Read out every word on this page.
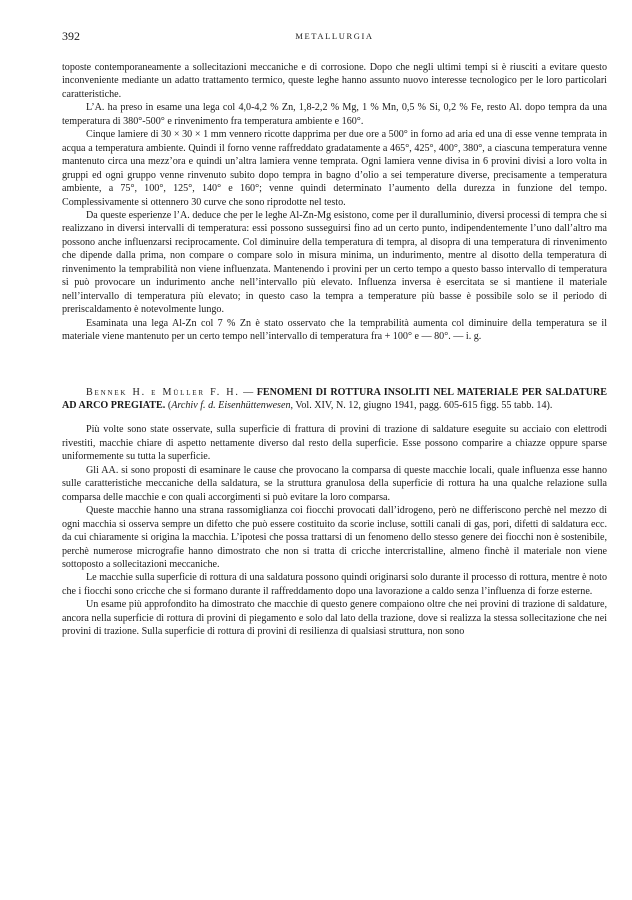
392	METALLURGIA

toposte contemporaneamente a sollecitazioni meccaniche e di corrosione. Dopo che negli ultimi tempi si è riusciti a evitare questo inconveniente mediante un adatto trattamento termico, queste leghe hanno assunto nuovo interesse tecnologico per le loro particolari caratteristiche.

L’A. ha preso in esame una lega col 4,0-4,2 % Zn, 1,8-2,2 % Mg, 1 % Mn, 0,5 % Si, 0,2 % Fe, resto Al. dopo tempra da una temperatura di 380°-500° e rinvenimento fra temperatura ambiente e 160°.

Cinque lamiere di 30 × 30 × 1 mm vennero ricotte dapprima per due ore a 500° in forno ad aria ed una di esse venne temprata in acqua a temperatura ambiente. Quindi il forno venne raffreddato gradatamente a 465°, 425°, 400°, 380°, a ciascuna temperatura venne mantenuto circa una mezz’ora e quindi un’altra lamiera venne temprata. Ogni lamiera venne divisa in 6 provini divisi a loro volta in gruppi ed ogni gruppo venne rinvenuto subito dopo tempra in bagno d’olio a sei temperature diverse, precisamente a temperatura ambiente, a 75°, 100°, 125°, 140° e 160°; venne quindi determinato l’aumento della durezza in funzione del tempo. Complessivamente si ottennero 30 curve che sono riprodotte nel testo.

Da queste esperienze l’A. deduce che per le leghe Al-Zn-Mg esistono, come per il duralluminio, diversi processi di tempra che si realizzano in diversi intervalli di temperatura: essi possono susseguirsi fino ad un certo punto, indipendentemente l’uno dall’altro ma possono anche influenzarsi reciprocamente. Col diminuire della temperatura di tempra, al disopra di una temperatura di rinvenimento che dipende dalla prima, non compare o compare solo in misura minima, un indurimento, mentre al disotto della temperatura di rinvenimento la temprabilità non viene influenzata. Mantenendo i provini per un certo tempo a questo basso intervallo di temperatura si può provocare un indurimento anche nell’intervallo più elevato. Influenza inversa è esercitata se si mantiene il materiale nell’intervallo di temperatura più elevato; in questo caso la tempra a temperature più basse è possibile solo se il periodo di preriscaldamento è notevolmente lungo.

Esaminata una lega Al-Zn col 7 % Zn è stato osservato che la temprabilità aumenta col diminuire della temperatura se il materiale viene mantenuto per un certo tempo nell’intervallo di temperatura fra + 100° e — 80°. — i. g.

Bennek H. e Müller F. H. — FENOMENI DI ROTTURA INSOLITI NEL MATERIALE PER SALDATURE AD ARCO PREGIATE. (Archiv f. d. Eisenhüttenwesen, Vol. XIV, N. 12, giugno 1941, pagg. 605-615 figg. 55 tabb. 14).

Più volte sono state osservate, sulla superficie di frattura di provini di trazione di saldature eseguite su acciaio con elettrodi rivestiti, macchie chiare di aspetto nettamente diverso dal resto della superficie. Esse possono comparire a chiazze oppure sparse uniformemente su tutta la superficie.

Gli AA. si sono proposti di esaminare le cause che provocano la comparsa di queste macchie locali, quale influenza esse hanno sulle caratteristiche meccaniche della saldatura, se la struttura granulosa della superficie di rottura ha una qualche relazione sulla comparsa delle macchie e con quali accorgimenti si può evitare la loro comparsa.

Queste macchie hanno una strana rassomiglianza coi fiocchi provocati dall’idrogeno, però ne differiscono perchè nel mezzo di ogni macchia si osserva sempre un difetto che può essere costituito da scorie incluse, sottili canali di gas, pori, difetti di saldatura ecc. da cui chiaramente si origina la macchia. L’ipotesi che possa trattarsi di un fenomeno dello stesso genere dei fiocchi non è sostenibile, perchè numerose micrografie hanno dimostrato che non si tratta di cricche intercristalline, almeno finchè il materiale non viene sottoposto a sollecitazioni meccaniche.

Le macchie sulla superficie di rottura di una saldatura possono quindi originarsi solo durante il processo di rottura, mentre è noto che i fiocchi sono cricche che si formano durante il raffreddamento dopo una lavorazione a caldo senza l’influenza di forze esterne.

Un esame più approfondito ha dimostrato che macchie di questo genere compaiono oltre che nei provini di trazione di saldature, ancora nella superficie di rottura di provini di piegamento e solo dal lato della trazione, dove si realizza la stessa sollecitazione che nei provini di trazione. Sulla superficie di rottura di provini di resilienza di qualsiasi struttura, non sono
